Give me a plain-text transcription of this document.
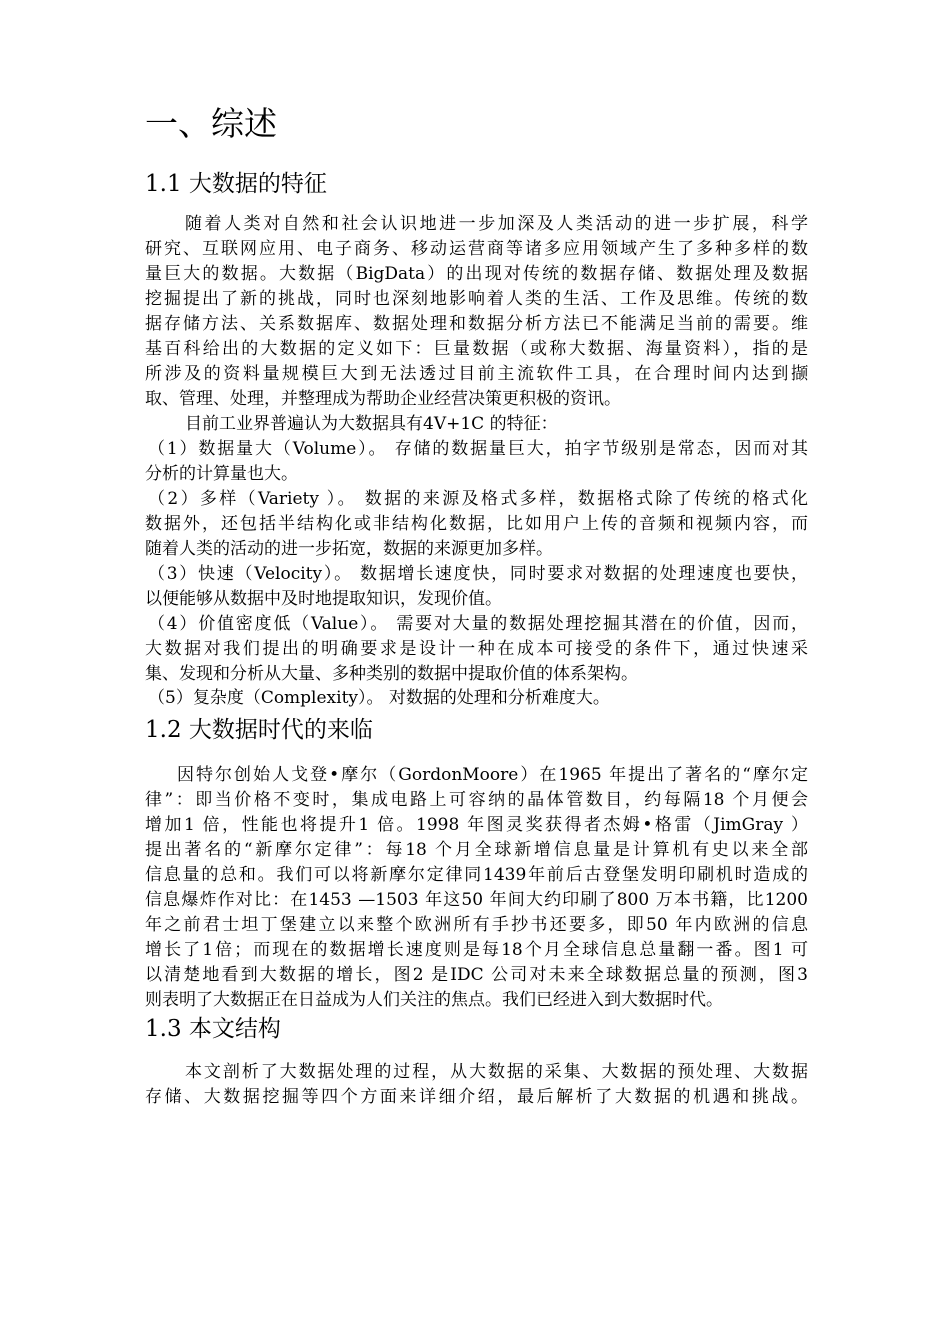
一、综述
1.1 大数据的特征
随着人类对自然和社会认识地进一步加深及人类活动的进一步扩展，科学
研究、互联网应用、电子商务、移动运营商等诸多应用领域产生了多种多样的数
量巨大的数据。大数据（BigData）的出现对传统的数据存储、数据处理及数据
挖掘提出了新的挑战，同时也深刻地影响着人类的生活、工作及思维。传统的数
据存储方法、关系数据库、数据处理和数据分析方法已不能满足当前的需要。维
基百科给出的大数据的定义如下：巨量数据（或称大数据、海量资料），指的是
所涉及的资料量规模巨大到无法透过目前主流软件工具，在合理时间内达到撷
取、管理、处理，并整理成为帮助企业经营决策更积极的资讯。
目前工业界普遍认为大数据具有4V+1C 的特征：
（1）数据量大（Volume）。 存储的数据量巨大，拍字节级别是常态，因而对其
分析的计算量也大。
（2）多样（Variety ）。 数据的来源及格式多样，数据格式除了传统的格式化
数据外，还包括半结构化或非结构化数据，比如用户上传的音频和视频内容，而
随着人类的活动的进一步拓宽，数据的来源更加多样。
（3）快速（Velocity）。 数据增长速度快，同时要求对数据的处理速度也要快，
以便能够从数据中及时地提取知识，发现价值。
（4）价值密度低（Value）。 需要对大量的数据处理挖掘其潜在的价值，因而，
大数据对我们提出的明确要求是设计一种在成本可接受的条件下，通过快速采
集、发现和分析从大量、多种类别的数据中提取价值的体系架构。
（5）复杂度（Complexity）。 对数据的处理和分析难度大。
1.2 大数据时代的来临
因特尔创始人戈登•摩尔（GordonMoore）在1965 年提出了著名的“摩尔定
律”：即当价格不变时，集成电路上可容纳的晶体管数目，约每隔18 个月便会
增加1 倍，性能也将提升1 倍。1998 年图灵奖获得者杰姆•格雷（JimGray ）
提出著名的“新摩尔定律”：每18 个月全球新增信息量是计算机有史以来全部
信息量的总和。我们可以将新摩尔定律同1439年前后古登堡发明印刷机时造成的
信息爆炸作对比：在1453 —1503 年这50 年间大约印刷了800 万本书籍，比1200
年之前君士坦丁堡建立以来整个欧洲所有手抄书还要多，即50 年内欧洲的信息
增长了1倍；而现在的数据增长速度则是每18个月全球信息总量翻一番。图1 可
以清楚地看到大数据的增长，图2 是IDC 公司对未来全球数据总量的预测，图3
则表明了大数据正在日益成为人们关注的焦点。我们已经进入到大数据时代。
1.3 本文结构
本文剖析了大数据处理的过程，从大数据的采集、大数据的预处理、大数据
存储、大数据挖掘等四个方面来详细介绍，最后解析了大数据的机遇和挑战。
